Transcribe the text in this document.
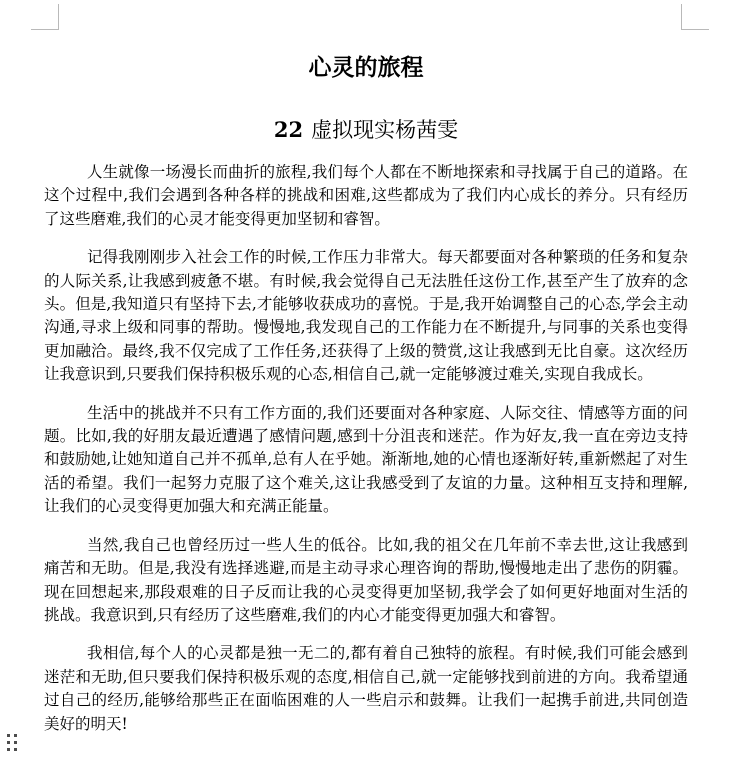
心灵的旅程
22 虚拟现实杨茜雯

人生就像一场漫长而曲折的旅程,我们每个人都在不断地探索和寻找属于自己的道路。在这个过程中,我们会遇到各种各样的挑战和困难,这些都成为了我们内心成长的养分。只有经历了这些磨难,我们的心灵才能变得更加坚韧和睿智。

记得我刚刚步入社会工作的时候,工作压力非常大。每天都要面对各种繁琐的任务和复杂的人际关系,让我感到疲惫不堪。有时候,我会觉得自己无法胜任这份工作,甚至产生了放弃的念头。但是,我知道只有坚持下去,才能够收获成功的喜悦。于是,我开始调整自己的心态,学会主动沟通,寻求上级和同事的帮助。慢慢地,我发现自己的工作能力在不断提升,与同事的关系也变得更加融洽。最终,我不仅完成了工作任务,还获得了上级的赞赏,这让我感到无比自豪。这次经历让我意识到,只要我们保持积极乐观的心态,相信自己,就一定能够渡过难关,实现自我成长。

生活中的挑战并不只有工作方面的,我们还要面对各种家庭、人际交往、情感等方面的问题。比如,我的好朋友最近遭遇了感情问题,感到十分沮丧和迷茫。作为好友,我一直在旁边支持和鼓励她,让她知道自己并不孤单,总有人在乎她。渐渐地,她的心情也逐渐好转,重新燃起了对生活的希望。我们一起努力克服了这个难关,这让我感受到了友谊的力量。这种相互支持和理解,让我们的心灵变得更加强大和充满正能量。

当然,我自己也曾经历过一些人生的低谷。比如,我的祖父在几年前不幸去世,这让我感到痛苦和无助。但是,我没有选择逃避,而是主动寻求心理咨询的帮助,慢慢地走出了悲伤的阴霾。现在回想起来,那段艰难的日子反而让我的心灵变得更加坚韧,我学会了如何更好地面对生活的挑战。我意识到,只有经历了这些磨难,我们的内心才能变得更加强大和睿智。

我相信,每个人的心灵都是独一无二的,都有着自己独特的旅程。有时候,我们可能会感到迷茫和无助,但只要我们保持积极乐观的态度,相信自己,就一定能够找到前进的方向。我希望通过自己的经历,能够给那些正在面临困难的人一些启示和鼓舞。让我们一起携手前进,共同创造美好的明天!
